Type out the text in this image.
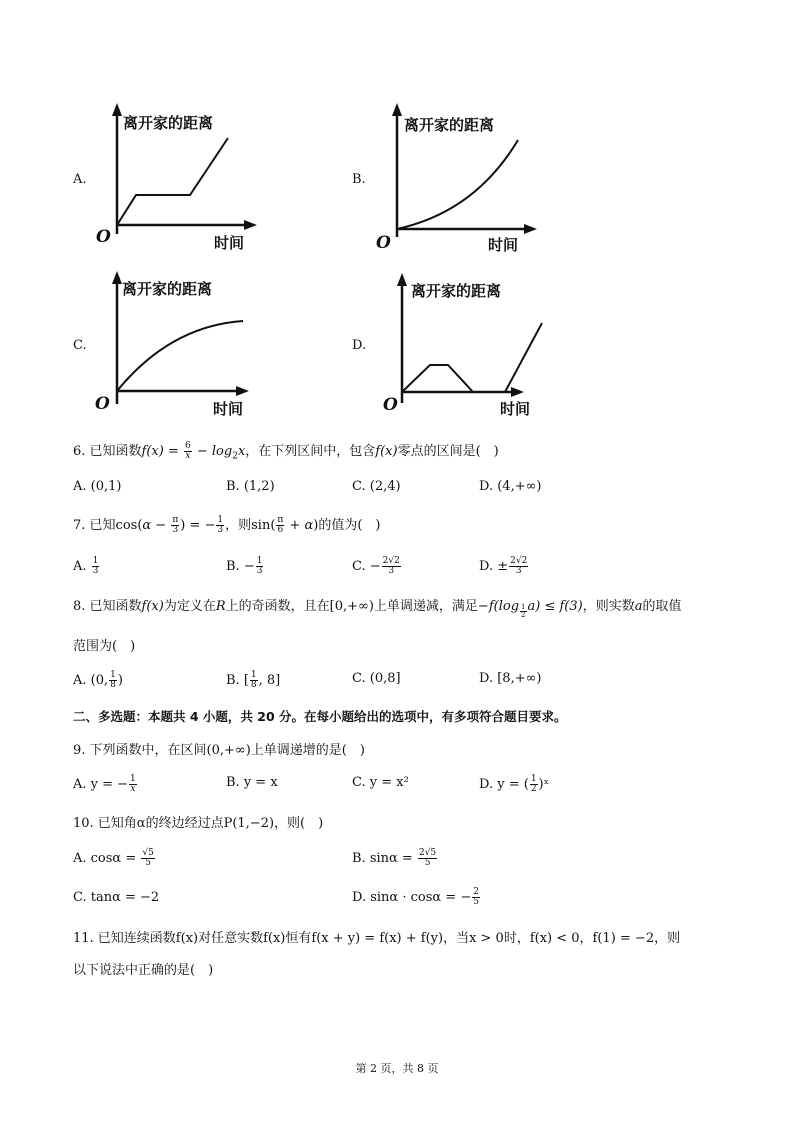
A.
离开家的距离
时间
O
B.
离开家的距离
时间
O
C.
离开家的距离
时间
O
D.
离开家的距离
时间
O
6. 已知函数$f(x) = \frac{6}{x} - \log_2x$，在下列区间中，包含f(x)零点的区间是(　)
A. (0,1)	B. (1,2)	C. (2,4)	D. (4,+∞)
7. 已知$\cos(\alpha - \frac{\pi}{3}$ ) = − $\frac{1}{3}$ ，则$\sin( \frac{\pi}{6} + \alpha)$的值为(　)
A. $\frac{1}{3}$	B. − $\frac{1}{3}$	C. − $\frac{2√2}{3}$	D. ± $\frac{2√2}{3}$
8. 已知函数f(x)为定义在R上的奇函数，且在[0,+∞)上单调递减，满足$-f(\log \frac{1}{2} a) \le f(3)$，则实数a的取值
范围为(　)
A. (0, $\frac{1}{8}$ )	B. [ $\frac{1}{8}$ , 8]	C. (0,8]	D. [8,+∞)
二、多选题：本题共 4 小题，共 20 分。在每小题给出的选项中，有多项符合题目要求。
9. 下列函数中，在区间(0,+∞)上单调递增的是(　)
A. y = − $\frac{1}{x}$	B. y = x	C. y = x²	D. y = ( $\frac{1}{2}$ )ˣ
10. 已知角α的终边经过点P(1,−2)，则(　)
A. $\cos\alpha = \frac{√5}{5}$	B. $\sin\alpha = \frac{2√5}{5}$
C. tanα = −2	D. sinα · cosα = − $\frac{2}{5}$
11. 已知连续函数f(x)对任意实数f(x)恒有f(x + y) = f(x) + f(y)，当x > 0时，f(x) < 0，f(1) = −2，则
以下说法中正确的是(　)
第 2 页，共 8 页
